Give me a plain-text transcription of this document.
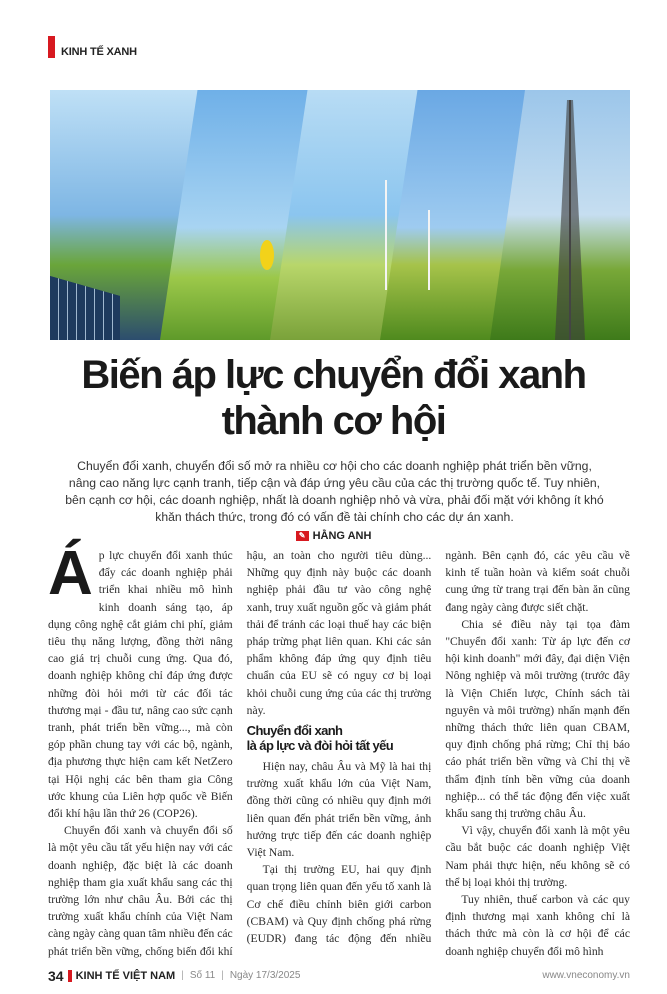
KINH TẾ XANH
Biến áp lực chuyển đổi xanh
thành cơ hội
Chuyển đổi xanh, chuyển đổi số mở ra nhiều cơ hội cho các doanh nghiệp phát triển bền vững, nâng cao năng lực cạnh tranh, tiếp cận và đáp ứng yêu cầu của các thị trường quốc tế. Tuy nhiên, bên cạnh cơ hội, các doanh nghiệp, nhất là doanh nghiệp nhỏ và vừa, phải đối mặt với không ít khó khăn thách thức, trong đó có vấn đề tài chính cho các dự án xanh.
✎ HẰNG ANH

Áp lực chuyển đổi xanh thúc đẩy các doanh nghiệp phải triển khai nhiều mô hình kinh doanh sáng tạo, áp dụng công nghệ cắt giảm chi phí, giảm tiêu thụ năng lượng, đồng thời nâng cao giá trị chuỗi cung ứng. Qua đó, doanh nghiệp không chỉ đáp ứng được những đòi hỏi mới từ các đối tác thương mại - đầu tư, nâng cao sức cạnh tranh, phát triển bền vững..., mà còn góp phần chung tay với các bộ, ngành, địa phương thực hiện cam kết NetZero tại Hội nghị các bên tham gia Công ước khung của Liên hợp quốc về Biến đổi khí hậu lần thứ 26 (COP26).

Chuyển đổi xanh và chuyển đổi số là một yêu cầu tất yếu hiện nay với các doanh nghiệp, đặc biệt là các doanh nghiệp tham gia xuất khẩu sang các thị trường lớn như châu Âu. Bởi các thị trường xuất khẩu chính của Việt Nam càng ngày càng quan tâm nhiều đến các phát triển bền vững, chống biến đổi khí hậu, an toàn cho người tiêu dùng... Những quy định này buộc các doanh nghiệp phải đầu tư vào công nghệ xanh, truy xuất nguồn gốc và giảm phát thải để tránh các loại thuế hay các biện pháp trừng phạt liên quan. Khi các sản phẩm không đáp ứng quy định tiêu chuẩn của EU sẽ có nguy cơ bị loại khỏi chuỗi cung ứng của các thị trường này.

Chuyển đổi xanh
là áp lực và đòi hỏi tất yếu

Hiện nay, châu Âu và Mỹ là hai thị trường xuất khẩu lớn của Việt Nam, đồng thời cũng có nhiều quy định mới liên quan đến phát triển bền vững, ảnh hưởng trực tiếp đến các doanh nghiệp Việt Nam.

Tại thị trường EU, hai quy định quan trọng liên quan đến yếu tố xanh là Cơ chế điều chỉnh biên giới carbon (CBAM) và Quy định chống phá rừng (EUDR) đang tác động đến nhiều ngành. Bên cạnh đó, các yêu cầu về kinh tế tuần hoàn và kiểm soát chuỗi cung ứng từ trang trại đến bàn ăn cũng đang ngày càng được siết chặt.

Chia sẻ điều này tại tọa đàm "Chuyển đổi xanh: Từ áp lực đến cơ hội kinh doanh" mới đây, đại diện Viện Nông nghiệp và môi trường (trước đây là Viện Chiến lược, Chính sách tài nguyên và môi trường) nhấn mạnh đến những thách thức liên quan CBAM, quy định chống phá rừng; Chỉ thị báo cáo phát triển bền vững và Chỉ thị về thẩm định tính bền vững của doanh nghiệp... có thể tác động đến việc xuất khẩu sang thị trường châu Âu.

Vì vậy, chuyển đổi xanh là một yêu cầu bắt buộc các doanh nghiệp Việt Nam phải thực hiện, nếu không sẽ có thể bị loại khỏi thị trường.

Tuy nhiên, thuế carbon và các quy định thương mại xanh không chỉ là thách thức mà còn là cơ hội để các doanh nghiệp chuyển đổi mô hình

34 KINH TẾ VIỆT NAM | Số 11 | Ngày 17/3/2025	www.vneconomy.vn
